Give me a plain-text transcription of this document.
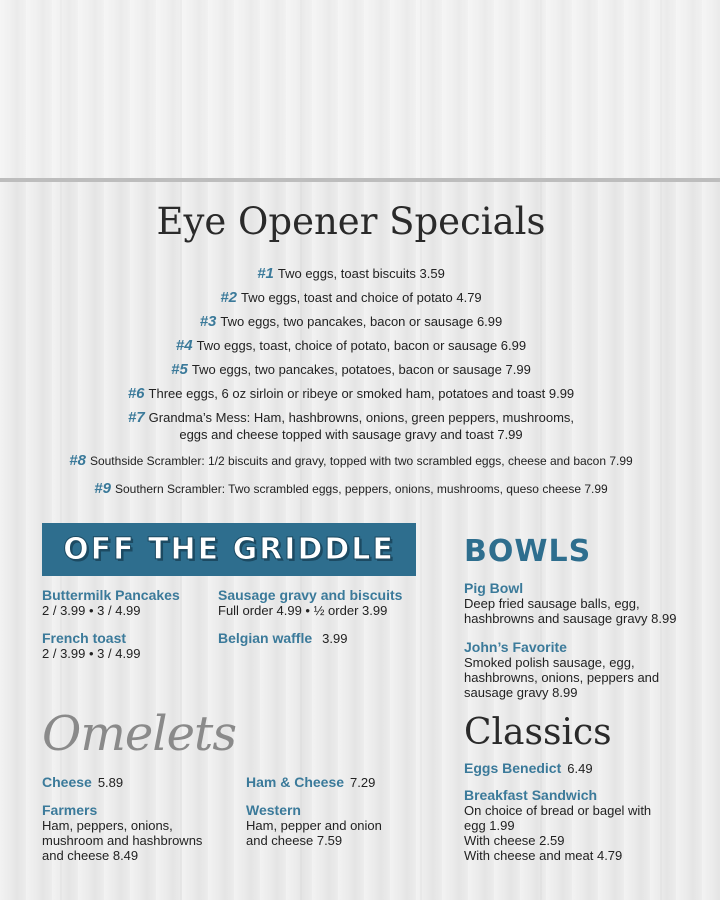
Eye Opener Specials
#1 Two eggs, toast biscuits 3.59
#2 Two eggs, toast and choice of potato 4.79
#3 Two eggs, two pancakes, bacon or sausage 6.99
#4 Two eggs, toast, choice of potato, bacon or sausage 6.99
#5 Two eggs, two pancakes, potatoes, bacon or sausage 7.99
#6 Three eggs, 6 oz sirloin or ribeye or smoked ham, potatoes and toast 9.99
#7 Grandma’s Mess: Ham, hashbrowns, onions, green peppers, mushrooms,
eggs and cheese topped with sausage gravy and toast 7.99
#8 Southside Scrambler: 1/2 biscuits and gravy, topped with two scrambled eggs, cheese and bacon 7.99
#9 Southern Scrambler: Two scrambled eggs, peppers, onions, mushrooms, queso cheese 7.99
OFF THE GRIDDLE
Buttermilk Pancakes
2 / 3.99 • 3 / 4.99
Sausage gravy and biscuits
Full order 4.99 • ½ order 3.99
French toast
2 / 3.99 • 3 / 4.99
Belgian waffle 3.99
BOWLS
Pig Bowl
Deep fried sausage balls, egg,
hashbrowns and sausage gravy 8.99
John’s Favorite
Smoked polish sausage, egg,
hashbrowns, onions, peppers and
sausage gravy 8.99
Classics
Eggs Benedict 6.49
Breakfast Sandwich
On choice of bread or bagel with
egg 1.99
With cheese 2.59
With cheese and meat 4.79
Omelets
Cheese 5.89	Ham & Cheese 7.29
Farmers
Ham, peppers, onions,
mushroom and hashbrowns
and cheese 8.49
Western
Ham, pepper and onion
and cheese 7.59
